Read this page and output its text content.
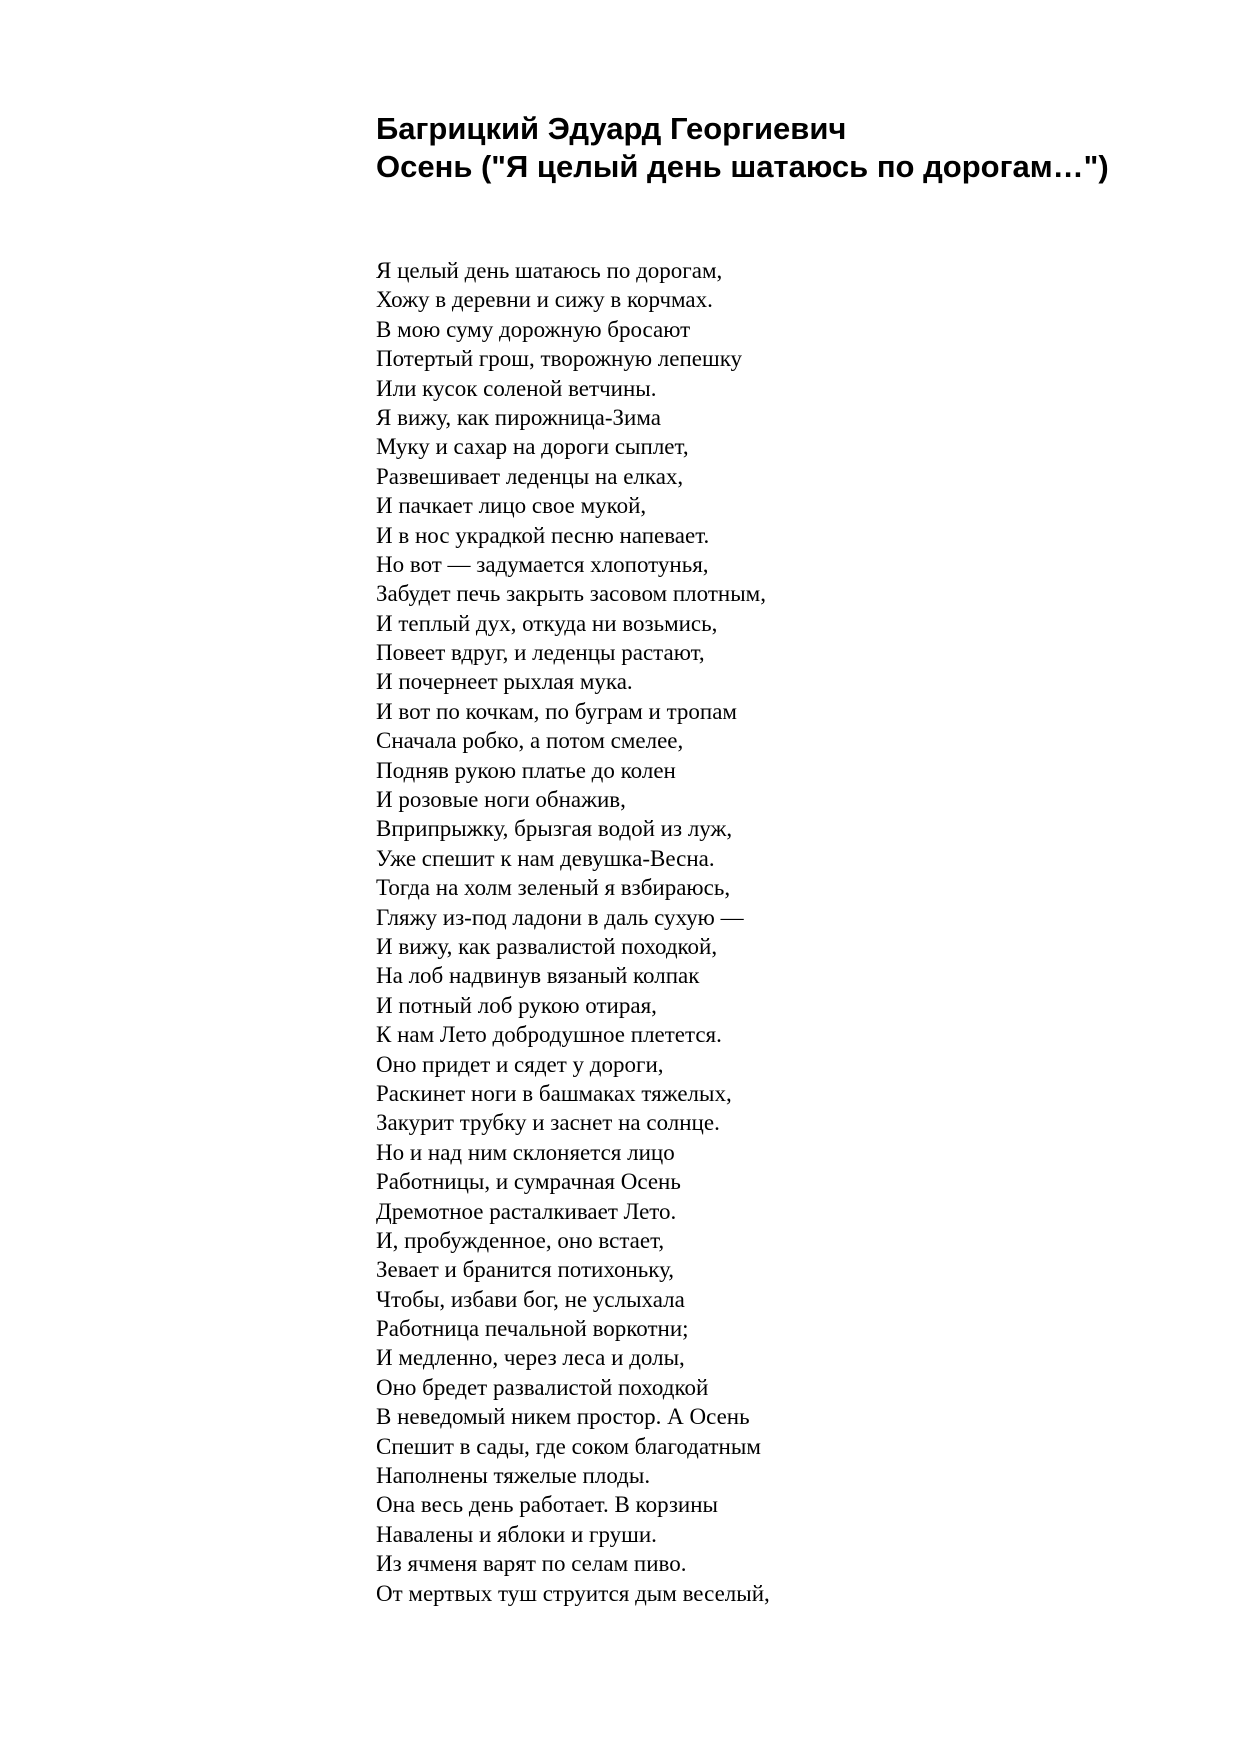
Багрицкий Эдуард Георгиевич
Осень ("Я целый день шатаюсь по дорогам…")
Я целый день шатаюсь по дорогам,
Хожу в деревни и сижу в корчмах.
В мою суму дорожную бросают
Потертый грош, творожную лепешку
Или кусок соленой ветчины.
Я вижу, как пирожница-Зима
Муку и сахар на дороги сыплет,
Развешивает леденцы на елках,
И пачкает лицо свое мукой,
И в нос украдкой песню напевает.
Но вот — задумается хлопотунья,
Забудет печь закрыть засовом плотным,
И теплый дух, откуда ни возьмись,
Повеет вдруг, и леденцы растают,
И почернеет рыхлая мука.
И вот по кочкам, по буграм и тропам
Сначала робко, а потом смелее,
Подняв рукою платье до колен
И розовые ноги обнажив,
Вприпрыжку, брызгая водой из луж,
Уже спешит к нам девушка-Весна.
Тогда на холм зеленый я взбираюсь,
Гляжу из-под ладони в даль сухую —
И вижу, как развалистой походкой,
На лоб надвинув вязаный колпак
И потный лоб рукою отирая,
К нам Лето добродушное плетется.
Оно придет и сядет у дороги,
Раскинет ноги в башмаках тяжелых,
Закурит трубку и заснет на солнце.
Но и над ним склоняется лицо
Работницы, и сумрачная Осень
Дремотное расталкивает Лето.
И, пробужденное, оно встает,
Зевает и бранится потихоньку,
Чтобы, избави бог, не услыхала
Работница печальной воркотни;
И медленно, через леса и долы,
Оно бредет развалистой походкой
В неведомый никем простор. А Осень
Спешит в сады, где соком благодатным
Наполнены тяжелые плоды.
Она весь день работает. В корзины
Навалены и яблоки и груши.
Из ячменя варят по селам пиво.
От мертвых туш струится дым веселый,
